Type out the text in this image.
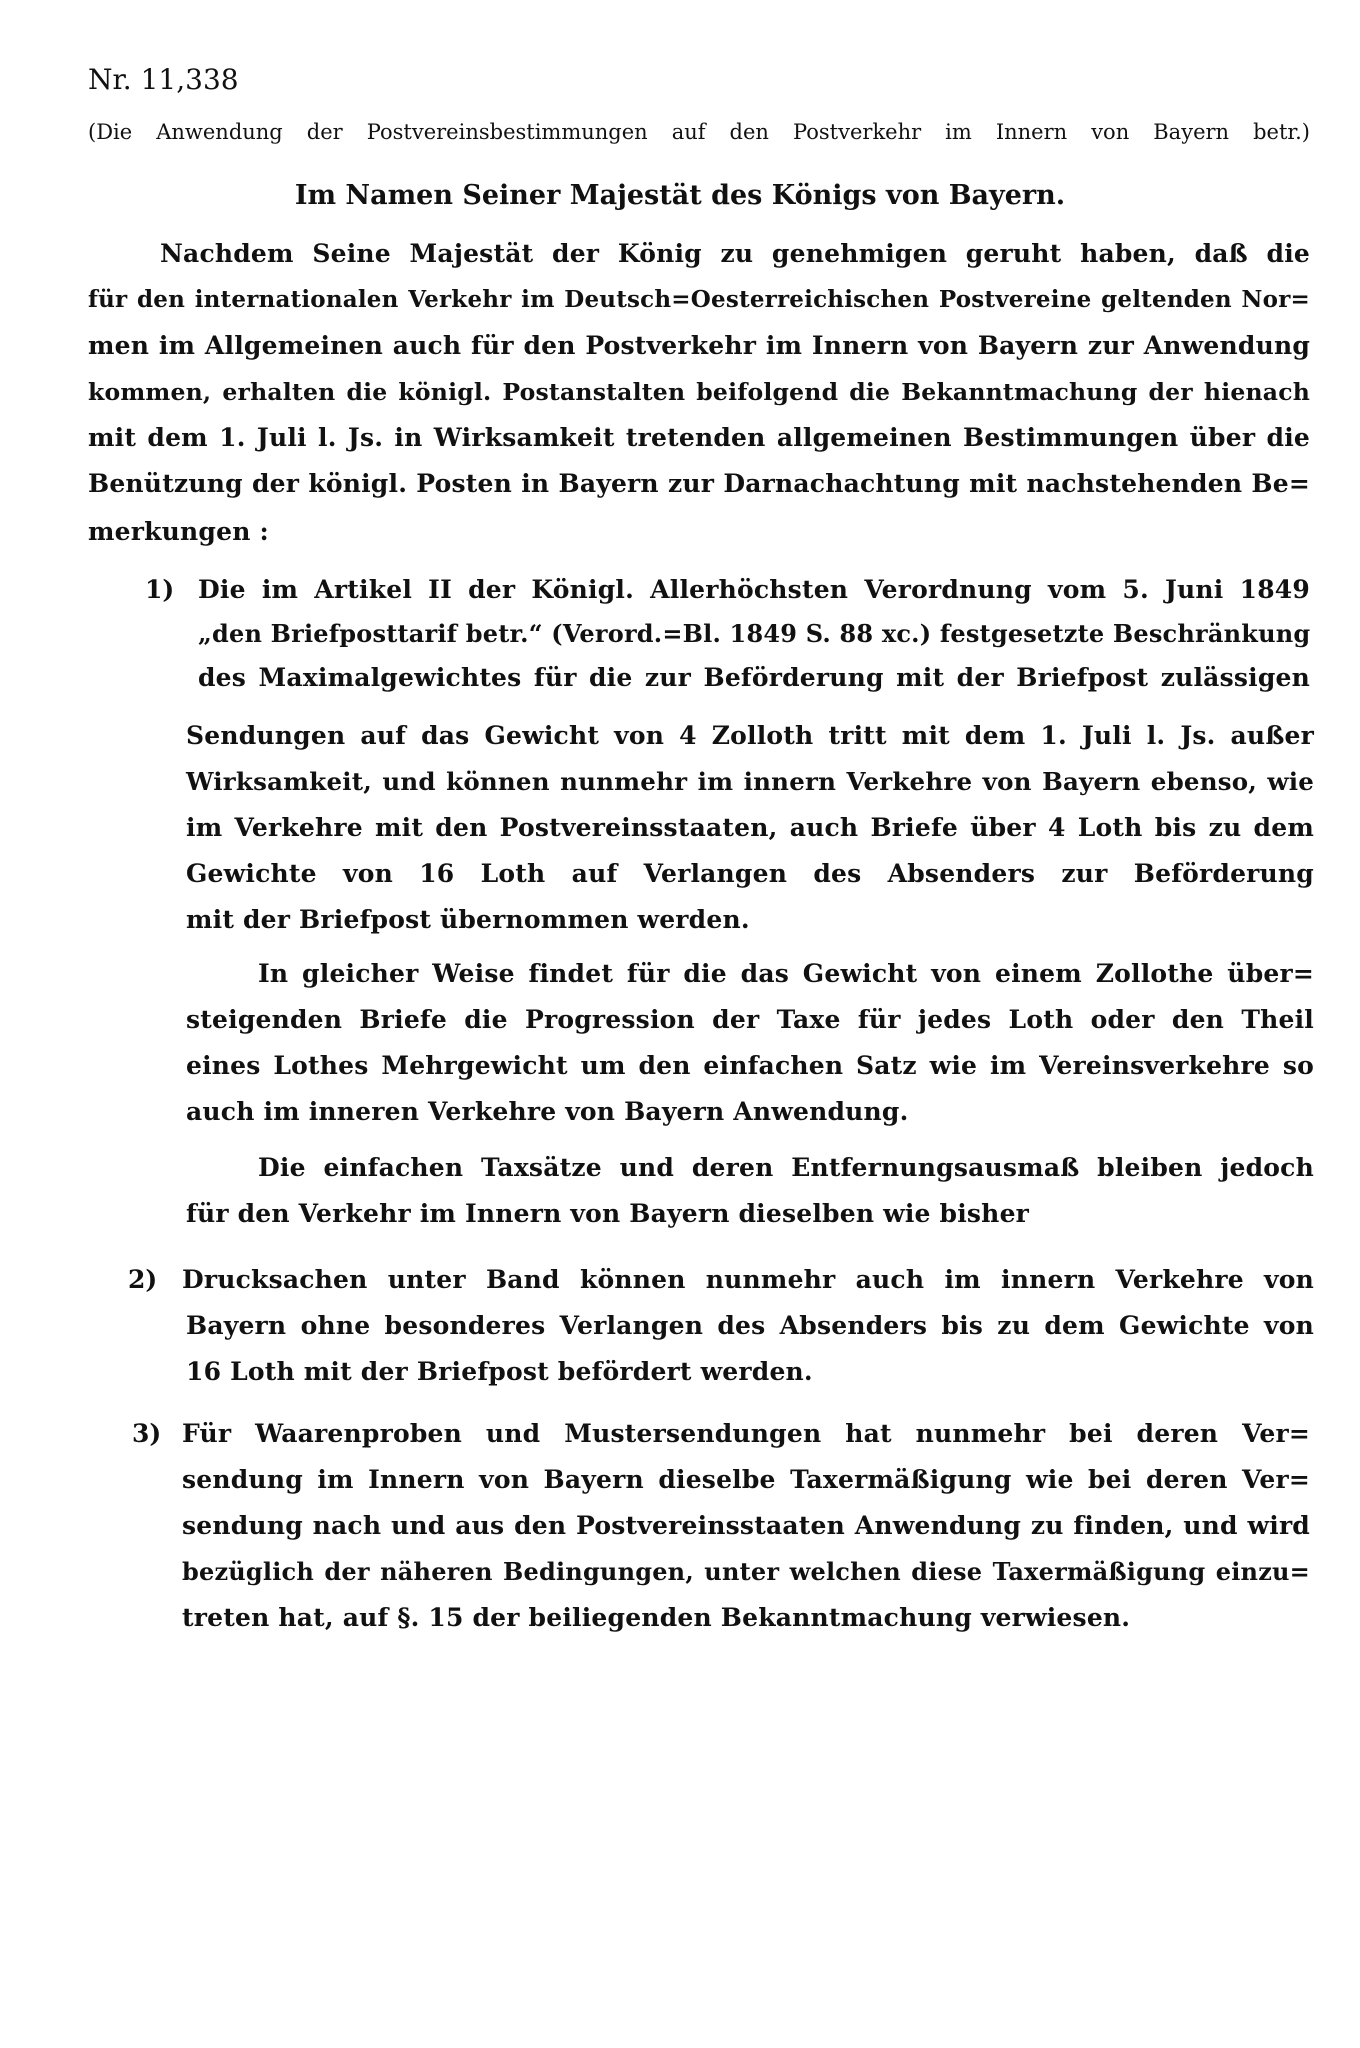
Nr. 11,338
(Die Anwendung der Postvereinsbestimmungen auf den Postverkehr im Innern von Bayern betr.)
Im Namen Seiner Majestät des Königs von Bayern.
Nachdem Seine Majestät der König zu genehmigen geruht haben, daß die
für den internationalen Verkehr im Deutsch=Oesterreichischen Postvereine geltenden Nor=
men im Allgemeinen auch für den Postverkehr im Innern von Bayern zur Anwendung
kommen, erhalten die königl. Postanstalten beifolgend die Bekanntmachung der hienach
mit dem 1. Juli l. Js. in Wirksamkeit tretenden allgemeinen Bestimmungen über die
Benützung der königl. Posten in Bayern zur Darnachachtung mit nachstehenden Be=
merkungen :
1) Die im Artikel II der Königl. Allerhöchsten Verordnung vom 5. Juni 1849
„den Briefposttarif betr.“ (Verord.=Bl. 1849 S. 88 xc.) festgesetzte Beschränkung
des Maximalgewichtes für die zur Beförderung mit der Briefpost zulässigen
Sendungen auf das Gewicht von 4 Zolloth tritt mit dem 1. Juli l. Js. außer
Wirksamkeit, und können nunmehr im innern Verkehre von Bayern ebenso, wie
im Verkehre mit den Postvereinsstaaten, auch Briefe über 4 Loth bis zu dem
Gewichte von 16 Loth auf Verlangen des Absenders zur Beförderung
mit der Briefpost übernommen werden.
In gleicher Weise findet für die das Gewicht von einem Zollothe über=
steigenden Briefe die Progression der Taxe für jedes Loth oder den Theil
eines Lothes Mehrgewicht um den einfachen Satz wie im Vereinsverkehre so
auch im inneren Verkehre von Bayern Anwendung.
Die einfachen Taxsätze und deren Entfernungsausmaß bleiben jedoch
für den Verkehr im Innern von Bayern dieselben wie bisher
2) Drucksachen unter Band können nunmehr auch im innern Verkehre von
Bayern ohne besonderes Verlangen des Absenders bis zu dem Gewichte von
16 Loth mit der Briefpost befördert werden.
3) Für Waarenproben und Mustersendungen hat nunmehr bei deren Ver=
sendung im Innern von Bayern dieselbe Taxermäßigung wie bei deren Ver=
sendung nach und aus den Postvereinsstaaten Anwendung zu finden, und wird
bezüglich der näheren Bedingungen, unter welchen diese Taxermäßigung einzu=
treten hat, auf §. 15 der beiliegenden Bekanntmachung verwiesen.
